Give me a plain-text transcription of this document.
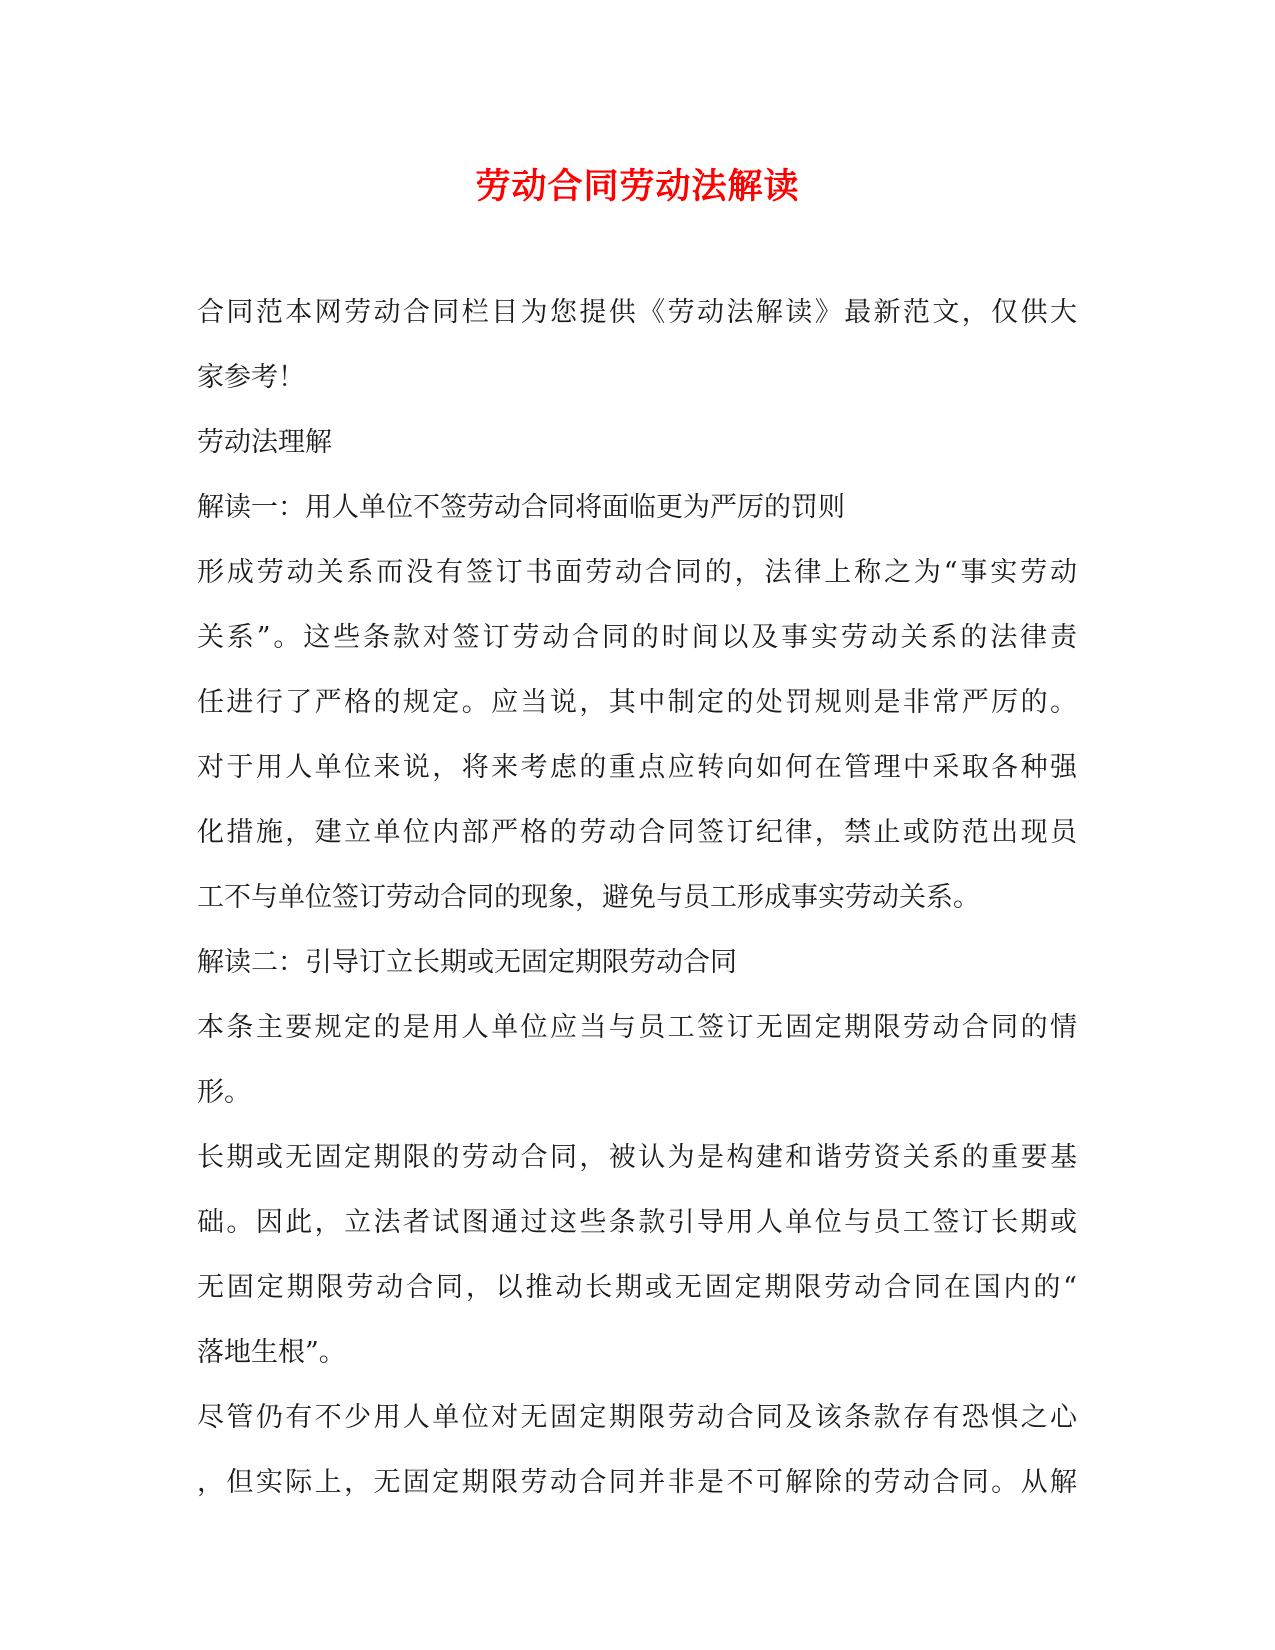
劳动合同劳动法解读
合同范本网劳动合同栏目为您提供《劳动法解读》最新范文，仅供大
家参考！
劳动法理解
解读一：用人单位不签劳动合同将面临更为严厉的罚则
形成劳动关系而没有签订书面劳动合同的，法律上称之为“事实劳动
关系”。这些条款对签订劳动合同的时间以及事实劳动关系的法律责
任进行了严格的规定。应当说，其中制定的处罚规则是非常严厉的。
对于用人单位来说，将来考虑的重点应转向如何在管理中采取各种强
化措施，建立单位内部严格的劳动合同签订纪律，禁止或防范出现员
工不与单位签订劳动合同的现象，避免与员工形成事实劳动关系。
解读二：引导订立长期或无固定期限劳动合同
本条主要规定的是用人单位应当与员工签订无固定期限劳动合同的情
形。
长期或无固定期限的劳动合同，被认为是构建和谐劳资关系的重要基
础。因此，立法者试图通过这些条款引导用人单位与员工签订长期或
无固定期限劳动合同，以推动长期或无固定期限劳动合同在国内的“
落地生根”。
尽管仍有不少用人单位对无固定期限劳动合同及该条款存有恐惧之心
，但实际上，无固定期限劳动合同并非是不可解除的劳动合同。从解
